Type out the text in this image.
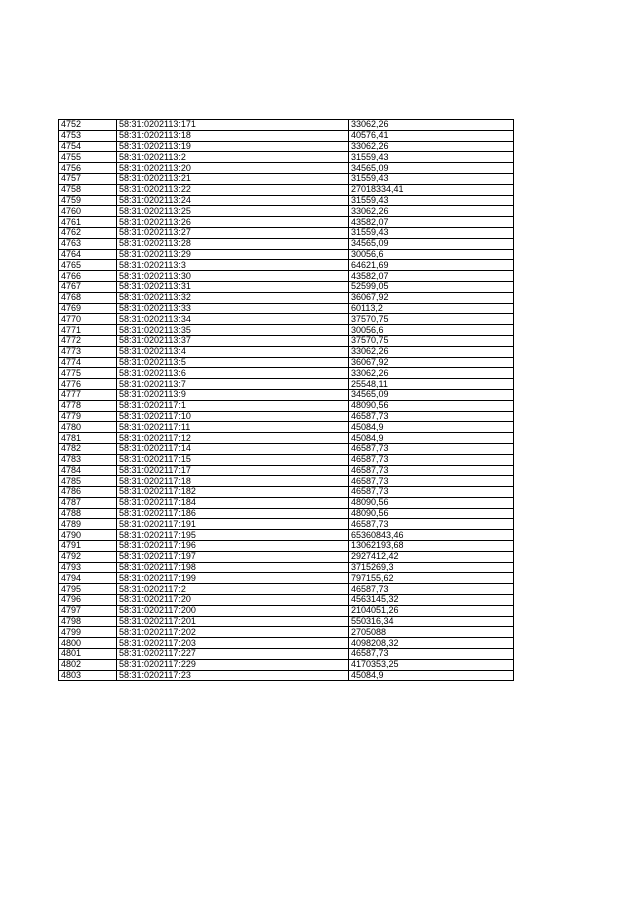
4752	58:31:0202113:171	33062,26
4753	58:31:0202113:18	40576,41
4754	58:31:0202113:19	33062,26
4755	58:31:0202113:2	31559,43
4756	58:31:0202113:20	34565,09
4757	58:31:0202113:21	31559,43
4758	58:31:0202113:22	27018334,41
4759	58:31:0202113:24	31559,43
4760	58:31:0202113:25	33062,26
4761	58:31:0202113:26	43582,07
4762	58:31:0202113:27	31559,43
4763	58:31:0202113:28	34565,09
4764	58:31:0202113:29	30056,6
4765	58:31:0202113:3	64621,69
4766	58:31:0202113:30	43582,07
4767	58:31:0202113:31	52599,05
4768	58:31:0202113:32	36067,92
4769	58:31:0202113:33	60113,2
4770	58:31:0202113:34	37570,75
4771	58:31:0202113:35	30056,6
4772	58:31:0202113:37	37570,75
4773	58:31:0202113:4	33062,26
4774	58:31:0202113:5	36067,92
4775	58:31:0202113:6	33062,26
4776	58:31:0202113:7	25548,11
4777	58:31:0202113:9	34565,09
4778	58:31:0202117:1	48090,56
4779	58:31:0202117:10	46587,73
4780	58:31:0202117:11	45084,9
4781	58:31:0202117:12	45084,9
4782	58:31:0202117:14	46587,73
4783	58:31:0202117:15	46587,73
4784	58:31:0202117:17	46587,73
4785	58:31:0202117:18	46587,73
4786	58:31:0202117:182	46587,73
4787	58:31:0202117:184	48090,56
4788	58:31:0202117:186	48090,56
4789	58:31:0202117:191	46587,73
4790	58:31:0202117:195	65360843,46
4791	58:31:0202117:196	13062193,68
4792	58:31:0202117:197	2927412,42
4793	58:31:0202117:198	3715269,3
4794	58:31:0202117:199	797155,62
4795	58:31:0202117:2	46587,73
4796	58:31:0202117:20	4563145,32
4797	58:31:0202117:200	2104051,26
4798	58:31:0202117:201	550316,34
4799	58:31:0202117:202	2705088
4800	58:31:0202117:203	4098208,32
4801	58:31:0202117:227	46587,73
4802	58:31:0202117:229	4170353,25
4803	58:31:0202117:23	45084,9
